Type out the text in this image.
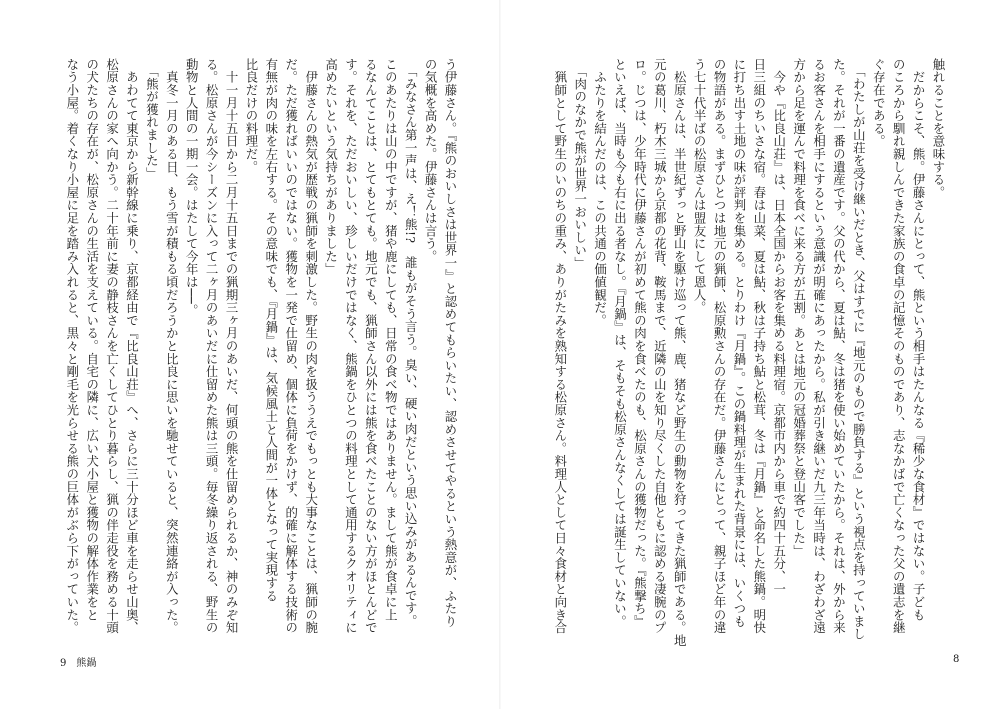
う伊藤さん。『熊のおいしさは世界一』と認めてもらいたい、認めさせてやるという熱意が、ふたり

の気概を高めた。伊藤さんは言う。

　「みなさん第一声は、え！熊!?　誰もがそう言う。臭い、硬い肉だという思い込みがあるんです。

このあたりは山の中ですが、猪や鹿にしても、日常の食べ物ではありません。まして熊が食卓に上

るなんてことは、とてもとても。地元でも、猟師さん以外には熊を食べたことのない方がほとんどで

す。それを、ただおいしい、珍しいだけではなく、熊鍋をひとつの料理として通用するクオリティに

高めたいという気持ちがありました」

　伊藤さんの熱気が歴戦の猟師を刺激した。野生の肉を扱ううえでもっとも大事なことは、猟師の腕

だ。ただ獲ればいいのではない。獲物を一発で仕留め、個体に負荷をかけず、的確に解体する技術の

有無が肉の味を左右する。その意味でも、『月鍋』は、気候風土と人間が一体となって実現する

比良だけの料理だ。

　十一月十五日から二月十五日までの猟期三ヶ月のあいだ、何頭の熊を仕留められるか、神のみぞ知

る。松原さんが今シーズンに入って二ヶ月のあいだに仕留めた熊は三頭。毎冬繰り返される、野生の

動物と人間の一期一会。はたして今年は──。

　真冬一月のある日、もう雪が積もる頃だろうかと比良に思いを馳せていると、突然連絡が入った。

　「熊が獲れました」

　あわてて東京から新幹線に乗り、京都経由で『比良山荘』へ、さらに三十分ほど車を走らせ山奥、

松原さんの家へ向かう。二十年前に妻の静枝さんを亡くしてひとり暮らし、猟の伴走役を務める十頭

の犬たちの存在が、松原さんの生活を支えている。自宅の隣に、広い犬小屋と獲物の解体作業をと

なう小屋。着くなり小屋に足を踏み入れると、黒々と剛毛を光らせる熊の巨体がぶら下がっていた。

9 熊鍋

触れることを意味する。

　だからこそ、熊。伊藤さんにとって、熊という相手はたんなる『稀少な食材』ではない。子ども

のころから馴れ親しんできた家族の食卓の記憶そのものであり、志なかばで亡くなった父の遺志を継

ぐ存在である。

　「わたしが山荘を受け継いだとき、父はすでに『地元のもので勝負する』という視点を持っていまし

た。それが一番の遺産です。父の代から、夏は鮎、冬は猪を使い始めていたから。それは、外から来

るお客さんを相手にするという意識が明確にあったから。私が引き継いだ九三年当時は、わざわざ遠

方から足を運んで料理を食べに来る方が五割。あとは地元の冠婚葬祭と登山客でした」

　今や『比良山荘』は、日本全国からお客を集める料理宿。京都市内から車で約四十五分、一

日三組のちいさな宿。春は山菜、夏は鮎、秋は子持ち鮎と松茸、冬は『月鍋』と命名した熊鍋。明快

に打ち出す土地の味が評判を集める。とりわけ『月鍋』。この鍋料理が生まれた背景には、いくつも

の物語がある。まずひとつは地元の猟師、松原勲さんの存在だ。伊藤さんにとって、親子ほど年の違

う七十代半ばの松原さんは盟友にして恩人。

　松原さんは、半世紀ずっと野山を駆け巡って熊、鹿、猪など野生の動物を狩ってきた猟師である。地

元の葛川、朽木三城から京都の花背、鞍馬まで、近隣の山を知り尽くした自他ともに認める凄腕のプ

ロ。じつは、少年時代に伊藤さんが初めて熊の肉を食べたのも、松原さんの獲物だった。『熊撃ち』

といえば、当時も今も右に出る者なし。『月鍋』は、そもそも松原さんなくしては誕生していない。

　ふたりを結んだのは、この共通の価値観だ。

　「肉のなかで熊が世界一おいしい」

　猟師として野生のいのちの重み、ありがたみを熟知する松原さん。料理人として日々食材と向き合

8
